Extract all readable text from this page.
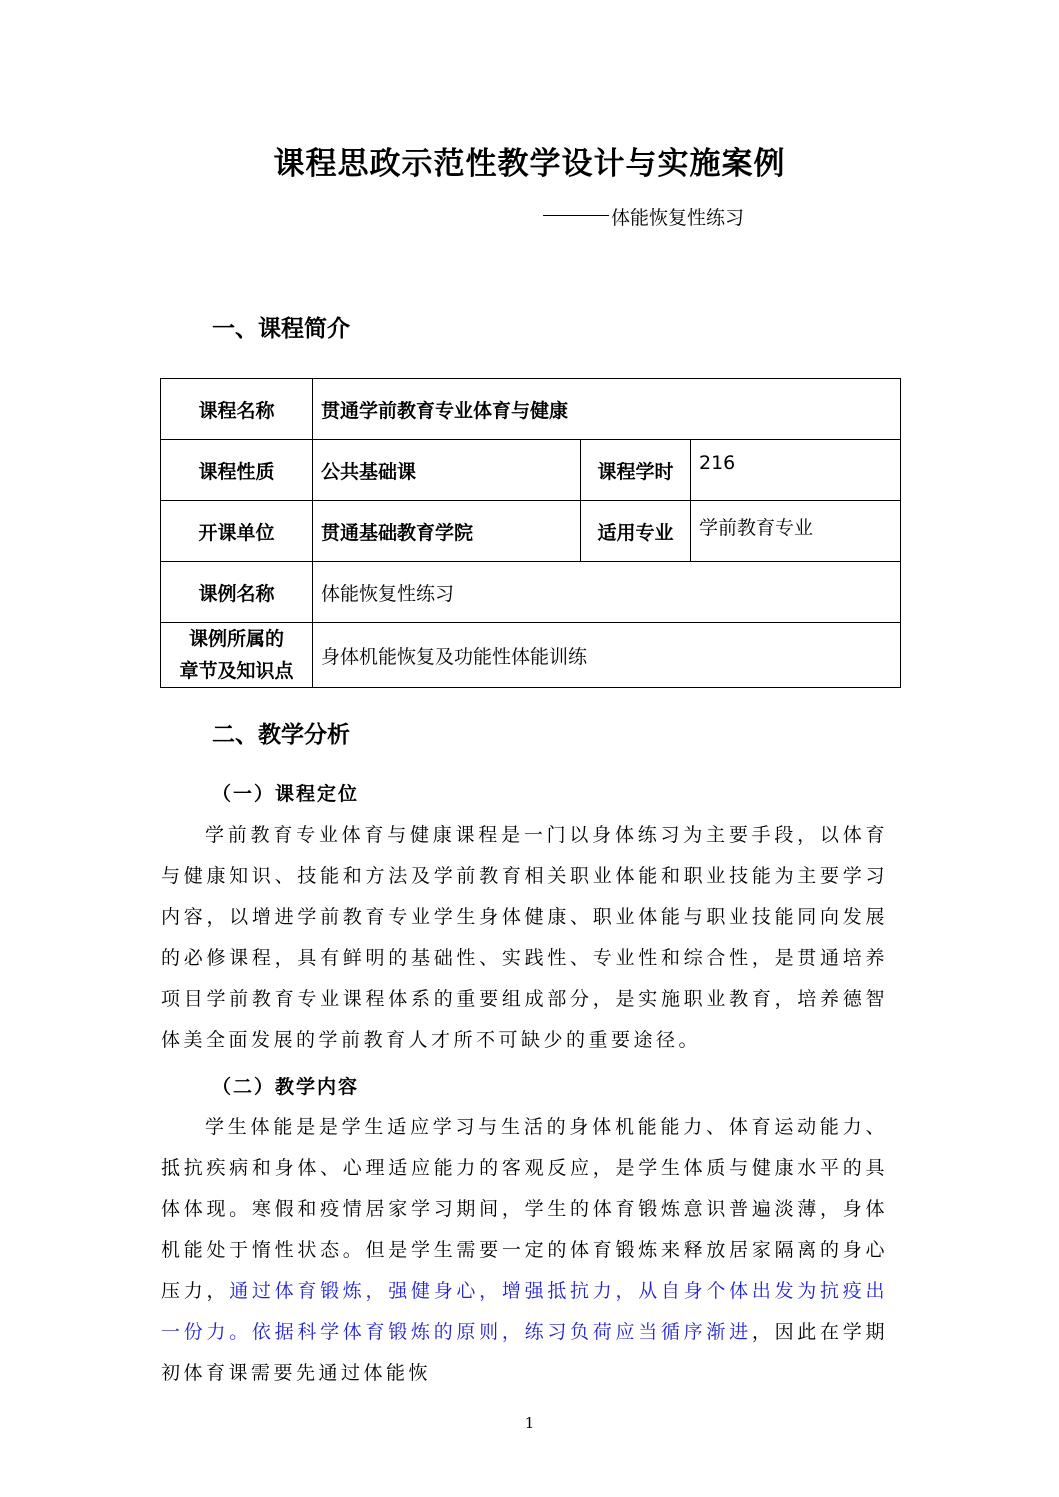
课程思政示范性教学设计与实施案例
体能恢复性练习
一、课程简介
课程名称	贯通学前教育专业体育与健康		
课程性质	公共基础课	课程学时	216
开课单位	贯通基础教育学院	适用专业	学前教育专业
课例名称	体能恢复性练习		
课例所属的
章节及知识点	身体机能恢复及功能性体能训练		
二、教学分析
（一）课程定位
学前教育专业体育与健康课程是一门以身体练习为主要手段，以体育与健康知识、技能和方法及学前教育相关职业体能和职业技能为主要学习内容，以增进学前教育专业学生身体健康、职业体能与职业技能同向发展的必修课程，具有鲜明的基础性、实践性、专业性和综合性，是贯通培养项目学前教育专业课程体系的重要组成部分，是实施职业教育，培养德智体美全面发展的学前教育人才所不可缺少的重要途径。
（二）教学内容
学生体能是是学生适应学习与生活的身体机能能力、体育运动能力、抵抗疾病和身体、心理适应能力的客观反应，是学生体质与健康水平的具体体现。寒假和疫情居家学习期间，学生的体育锻炼意识普遍淡薄，身体机能处于惰性状态。但是学生需要一定的体育锻炼来释放居家隔离的身心压力，通过体育锻炼，强健身心，增强抵抗力，从自身个体出发为抗疫出一份力。依据科学体育锻炼的原则，练习负荷应当循序渐进，因此在学期初体育课需要先通过体能恢
1
